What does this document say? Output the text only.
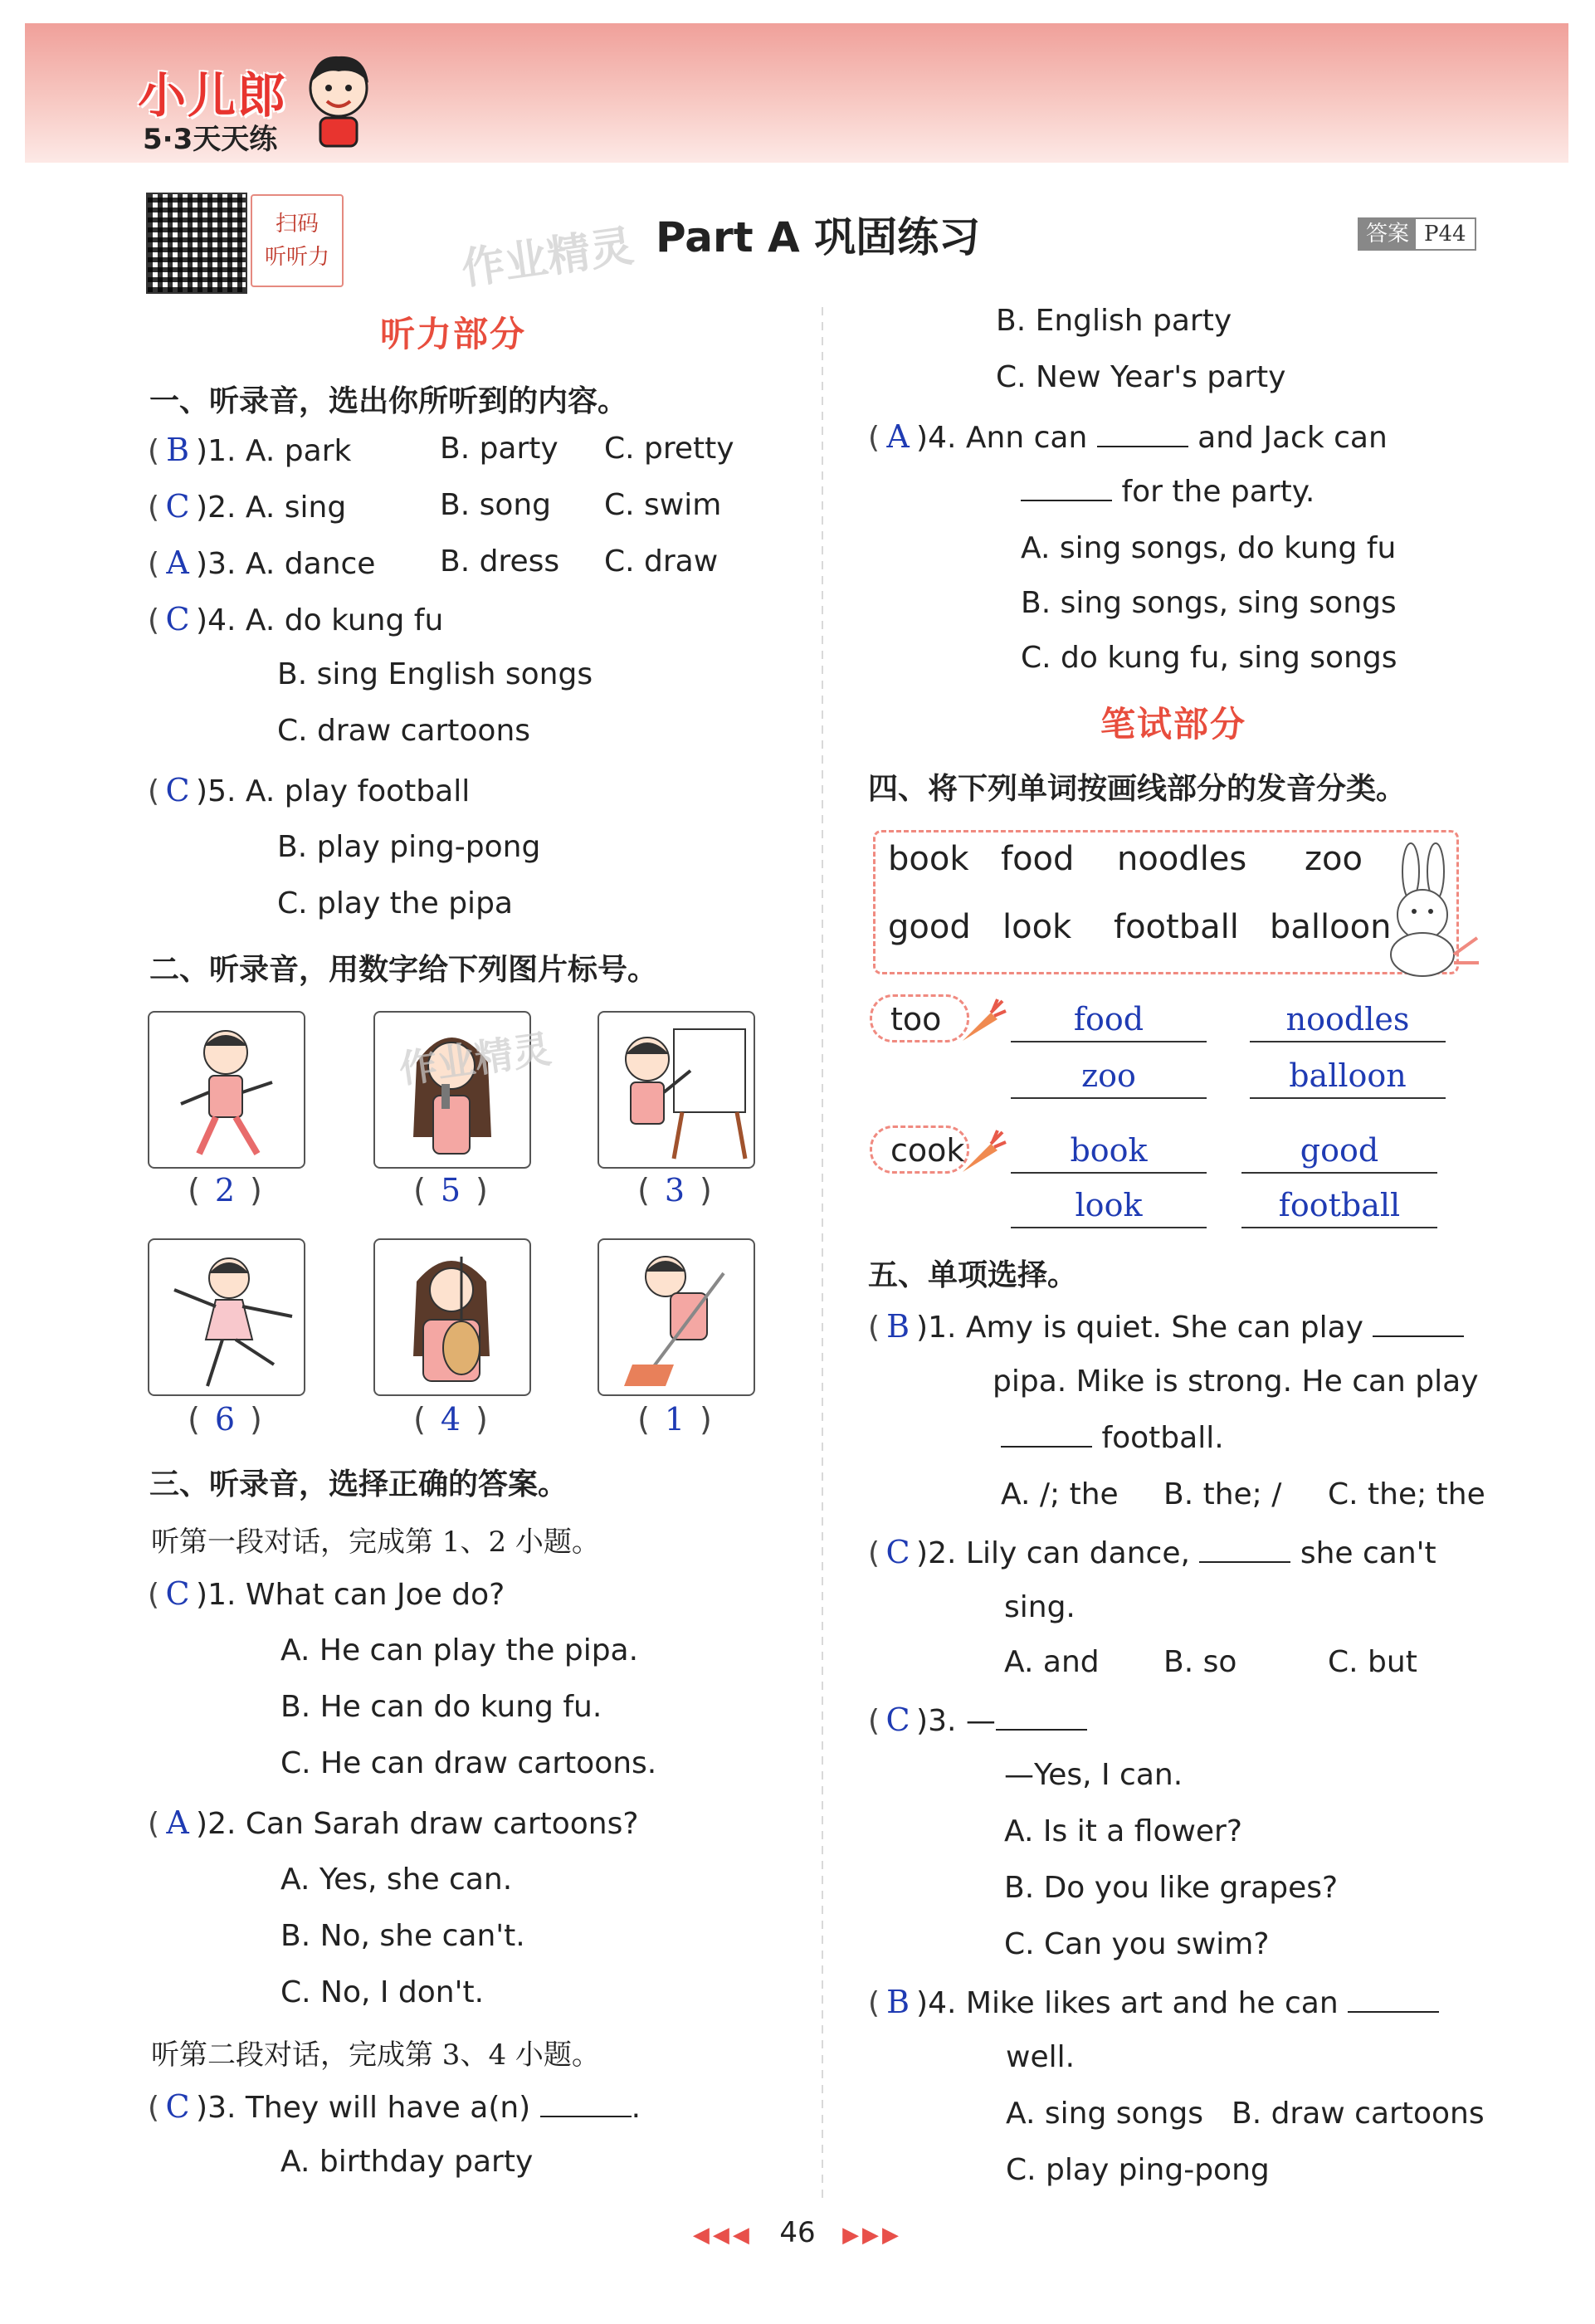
小儿郎
5·3天天练
扫码
听听力	作业精灵 Part A 巩固练习	答案 P44
听力部分
一、听录音，选出你所听到的内容。
( B )1. A. park	B. party C. pretty
( C )2. A. sing	B. song C. swim
( A )3. A. dance B. dress C. draw
( C )4. A. do kung fu
B. sing English songs
C. draw cartoons
( C )5. A. play football
B. play ping-pong
C. play the pipa
二、听录音，用数字给下列图片标号。
( 2 )	( 5 )	( 3 )
( 6 )	( 4 )	( 1 )
作业精灵
三、听录音，选择正确的答案。
听第一段对话，完成第 1、2 小题。
( C )1. What can Joe do?
A. He can play the pipa.
B. He can do kung fu.
C. He can draw cartoons.
( A )2. Can Sarah draw cartoons?
A. Yes, she can.
B. No, she can't.
C. No, I don't.
听第二段对话，完成第 3、4 小题。
( C )3. They will have a(n)	.
A. birthday party
B. English party
C. New Year's party
( A )4. Ann can	and Jack can
for the party.
A. sing songs, do kung fu
B. sing songs, sing songs
C. do kung fu, sing songs
笔试部分
四、将下列单词按画线部分的发音分类。
book food noodles zoo
good look football balloon
too	food	noodles
zoo	balloon
cook	book	good
look	football
五、单项选择。
( B )1. Amy is quiet. She can play
pipa. Mike is strong. He can play
football.
A. /; the B. the; / C. the; the
( C )2. Lily can dance,	she can't
sing.
A. and B. so	C. but
( C )3. —
—Yes, I can.
A. Is it a flower?
B. Do you like grapes?
C. Can you swim?
( B )4. Mike likes art and he can
well.
A. sing songs B. draw cartoons
C. play ping-pong
◀◀◀ 46 ▶▶▶
